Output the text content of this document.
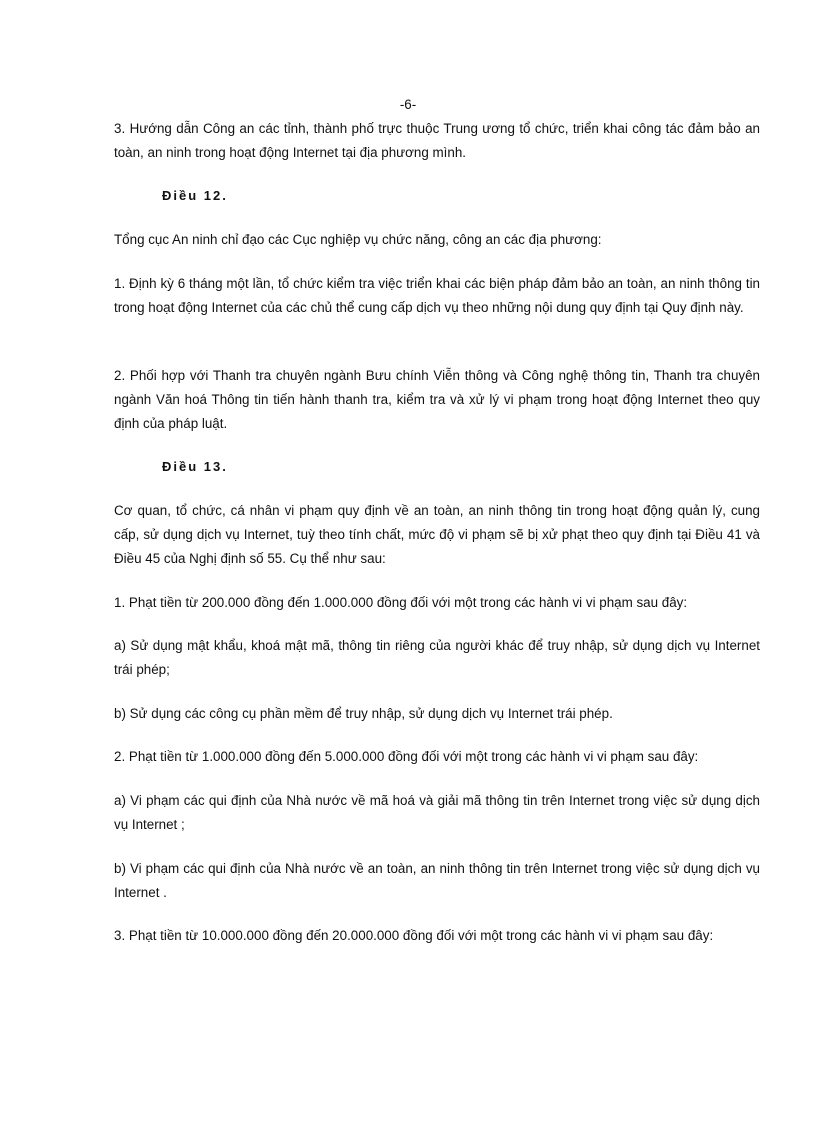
-6-

3. Hướng dẫn Công an các tỉnh, thành phố trực thuộc Trung ương tổ chức, triển khai công tác đảm bảo an toàn, an ninh trong hoạt động Internet tại địa phương mình.

Điều 12.

Tổng cục An ninh chỉ đạo các Cục nghiệp vụ chức năng, công an các địa phương:

1. Định kỳ 6 tháng một lần, tổ chức kiểm tra việc triển khai các biện pháp đảm bảo an toàn, an ninh thông tin trong hoạt động Internet của các chủ thể cung cấp dịch vụ theo những nội dung quy định tại Quy định này.

2. Phối hợp với Thanh tra chuyên ngành Bưu chính Viễn thông và Công nghệ thông tin, Thanh tra chuyên ngành Văn hoá Thông tin tiến hành thanh tra, kiểm tra và xử lý vi phạm trong hoạt động Internet theo quy định của pháp luật.

Điều 13.

Cơ quan, tổ chức, cá nhân vi phạm quy định về an toàn, an ninh thông tin trong hoạt động quản lý, cung cấp, sử dụng dịch vụ Internet, tuỳ theo tính chất, mức độ vi phạm sẽ bị xử phạt theo quy định tại Điều 41 và Điều 45 của Nghị định số 55. Cụ thể như sau:

1. Phạt tiền từ 200.000 đồng đến 1.000.000 đồng đối với một trong các hành vi vi phạm sau đây:

a) Sử dụng mật khẩu, khoá mật mã, thông tin riêng của người khác để truy nhập, sử dụng dịch vụ Internet trái phép;

b) Sử dụng các công cụ phần mềm để truy nhập, sử dụng dịch vụ Internet trái phép.

2. Phạt tiền từ 1.000.000 đồng đến 5.000.000 đồng đối với một trong các hành vi vi phạm sau đây:

a) Vi phạm các qui định của Nhà nước về mã hoá và giải mã thông tin trên Internet trong việc sử dụng dịch vụ Internet ;

b) Vi phạm các qui định của Nhà nước về an toàn, an ninh thông tin trên Internet trong việc sử dụng dịch vụ Internet .

3. Phạt tiền từ 10.000.000 đồng đến 20.000.000 đồng đối với một trong các hành vi vi phạm sau đây:
